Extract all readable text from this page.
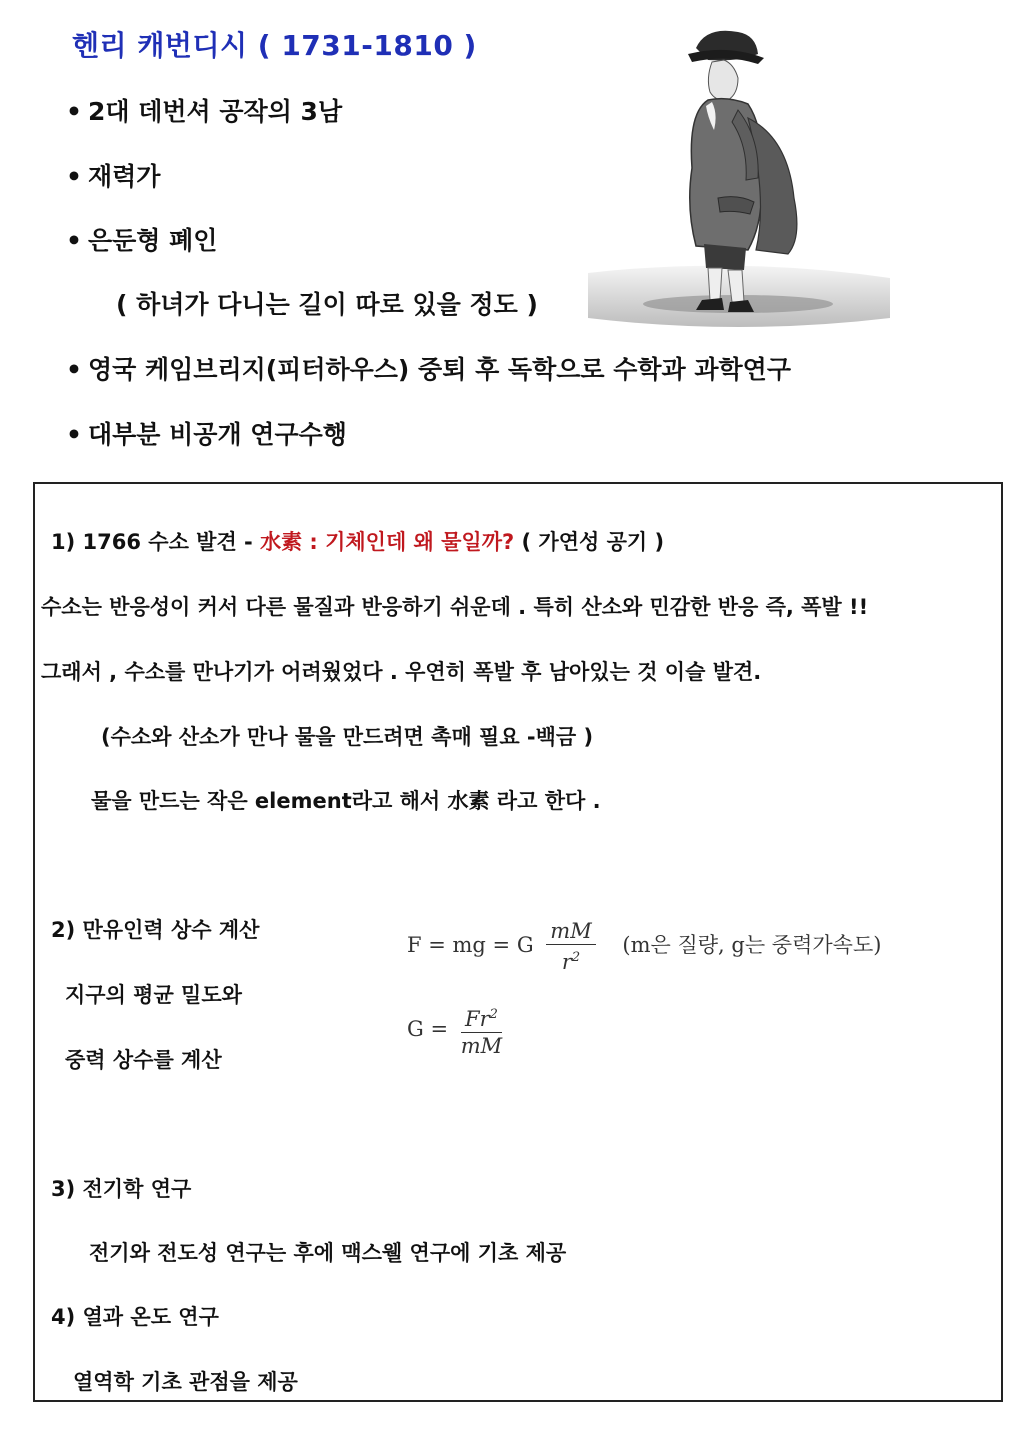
헨리 캐번디시 ( 1731-1810 )
• 2대 데번셔 공작의 3남
• 재력가
• 은둔형 폐인
( 하녀가 다니는 길이 따로 있을 정도 )
• 영국 케임브리지(피터하우스) 중퇴 후 독학으로 수학과 과학연구
• 대부분 비공개 연구수행
1) 1766 수소 발견 - 水素 : 기체인데 왜 물일까? ( 가연성 공기 )
수소는 반응성이 커서 다른 물질과 반응하기 쉬운데 . 특히 산소와 민감한 반응 즉, 폭발 !!
그래서 , 수소를 만나기가 어려웠었다 . 우연히 폭발 후 남아있는 것 이슬 발견.
(수소와 산소가 만나 물을 만드려면 촉매 필요 -백금 )
물을 만드는 작은 element라고 해서 水素 라고 한다 .
2) 만유인력 상수 계산
지구의 평균 밀도와
중력 상수를 계산
F = mg = G $\frac{mM}{r^2} (m$은 질량, g는 중력가속도)
$G = \frac{Fr^2}{mM}$
3) 전기학 연구
전기와 전도성 연구는 후에 맥스웰 연구에 기초 제공
4) 열과 온도 연구
열역학 기초 관점을 제공
